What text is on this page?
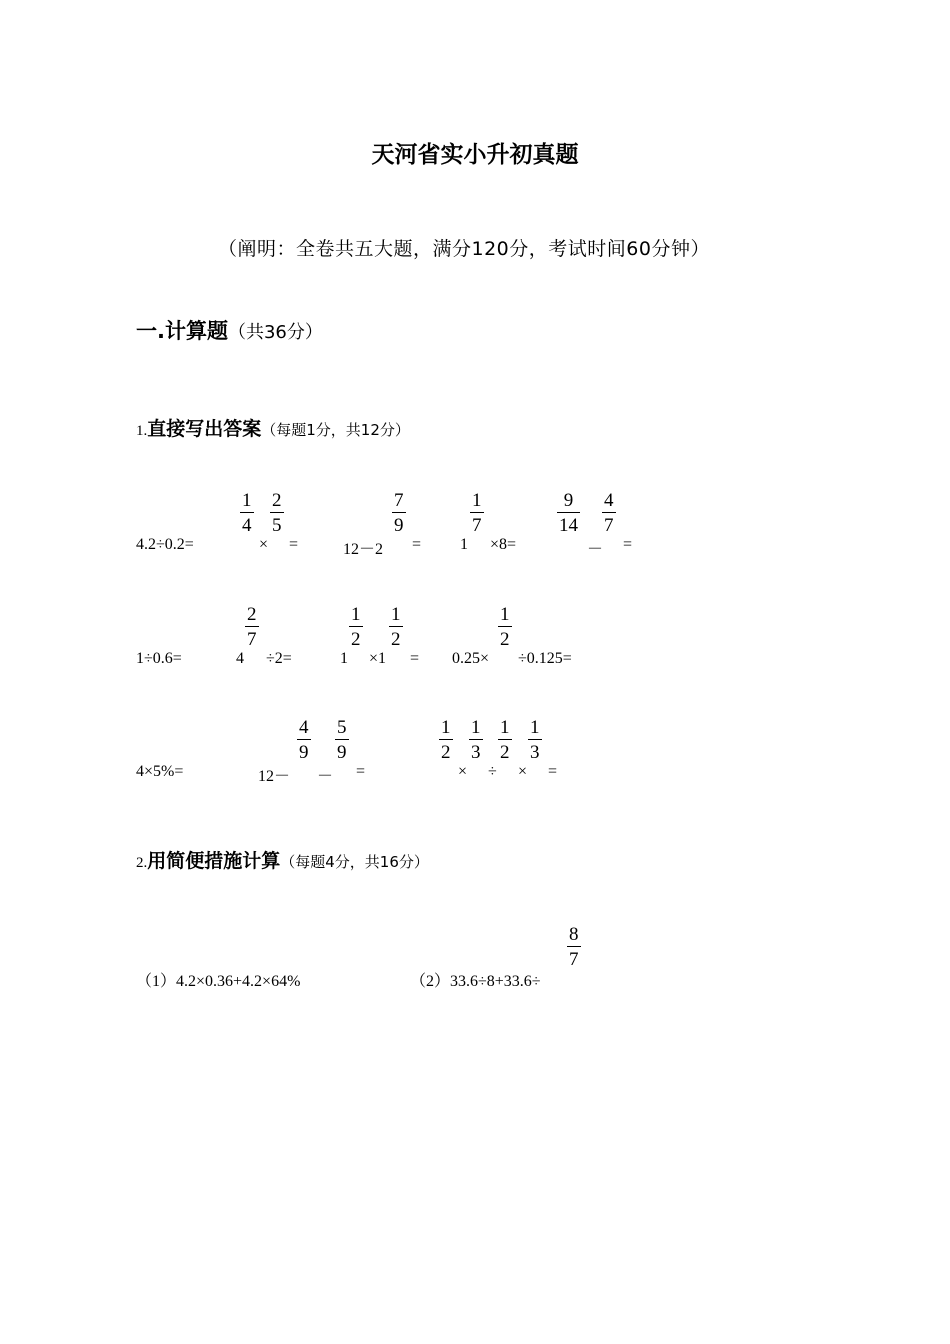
天河省实小升初真题
（阐明：全卷共五大题，满分120分，考试时间60分钟）
一.计算题（共36分）
1.直接写出答案（每题1分，共12分）
4.2÷0.2=
1
4
2
5
× =	12－2
7
9
= 1
1
7
×8=
9
14
4
7
－ =
1÷0.6=	4
2
7
÷2=	1
1
2
×1
1
2
= 0.25×
1
2
÷0.125=
4×5%=	12－
4
9
－
5
9
=
1
2
×
1
3
÷
1
2
×
1
3
=
2.用简便措施计算（每题4分，共16分）
（1）4.2×0.36+4.2×64%	（2）33.6÷8+33.6÷
8
7
